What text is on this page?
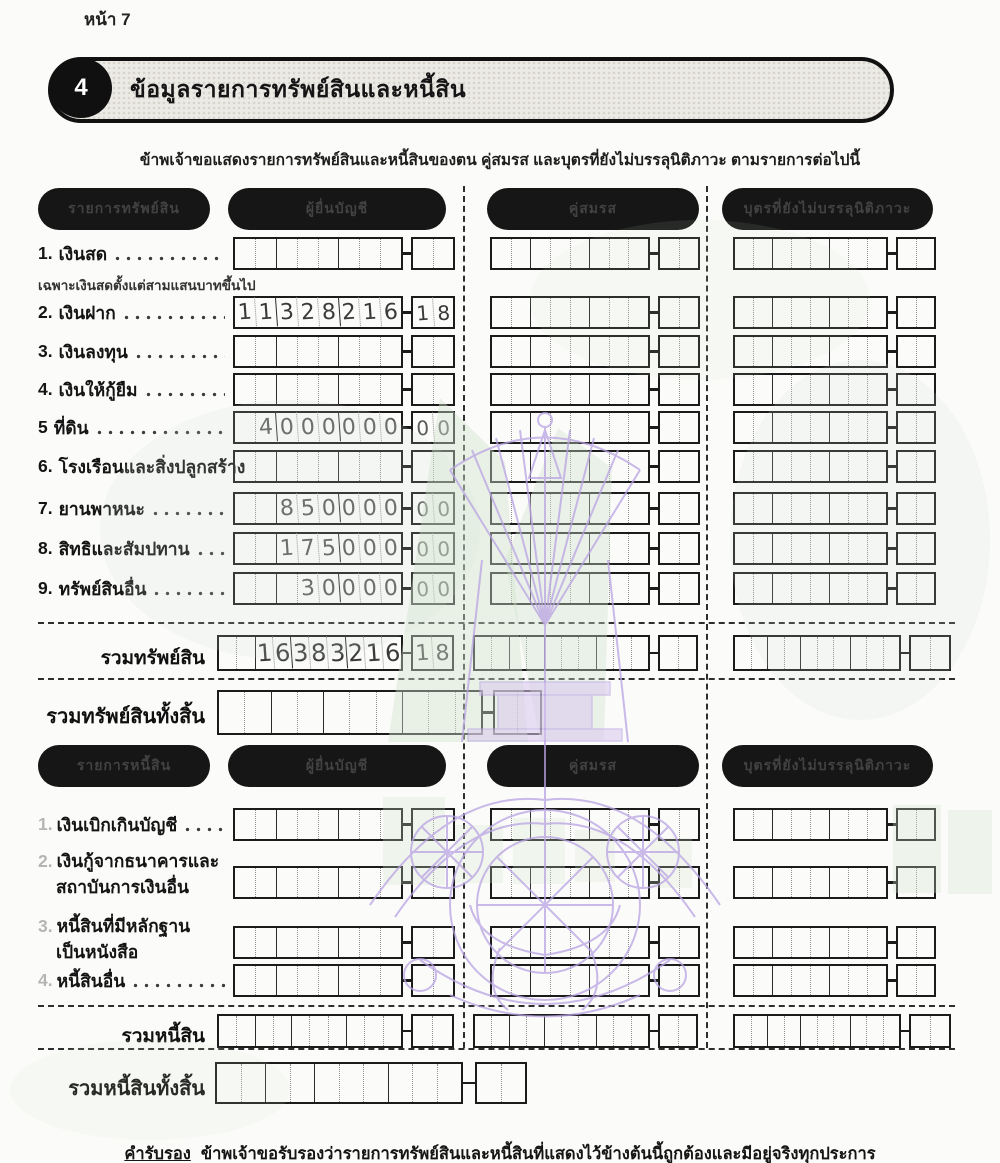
หน้า 7
4	ข้อมูลรายการทรัพย์สินและหนี้สิน

ข้าพเจ้าขอแสดงรายการทรัพย์สินและหนี้สินของตน คู่สมรส และบุตรที่ยังไม่บรรลุนิติภาวะ ตามรายการต่อไปนี้

รายการทรัพย์สิน	ผู้ยื่นบัญชี	คู่สมรส	บุตรที่ยังไม่บรรลุนิติภาวะ
1. เงินสด
เฉพาะเงินสดตั้งแต่สามแสนบาทขึ้นไป
2. เงินฝาก	1 1 3 2 8 2 1 6 1 8
3. เงินลงทุน
4. เงินให้กู้ยืม
5 ที่ดิน	4 0 0 0 0 0 0 0 0
6. โรงเรือนและสิ่งปลูกสร้าง
7. ยานพาหนะ	8 5 0 0 0 0 0 0
8. สิทธิและสัมปทาน	1 7 5 0 0 0 0 0
9. ทรัพย์สินอื่น	3 0 0 0 0 0 0
รวมทรัพย์สิน 1 6 3 8 3 2 1 6 1 8
รวมทรัพย์สินทั้งสิ้น
รายการหนี้สิน	ผู้ยื่นบัญชี	คู่สมรส	บุตรที่ยังไม่บรรลุนิติภาวะ
1. เงินเบิกเกินบัญชี
2. เงินกู้จากธนาคารและ
สถาบันการเงินอื่น
3. หนี้สินที่มีหลักฐาน
เป็นหนังสือ
4. หนี้สินอื่น
รวมหนี้สิน
รวมหนี้สินทั้งสิ้น

คำรับรอง ข้าพเจ้าขอรับรองว่ารายการทรัพย์สินและหนี้สินที่แสดงไว้ข้างต้นนี้ถูกต้องและมีอยู่จริงทุกประการ
